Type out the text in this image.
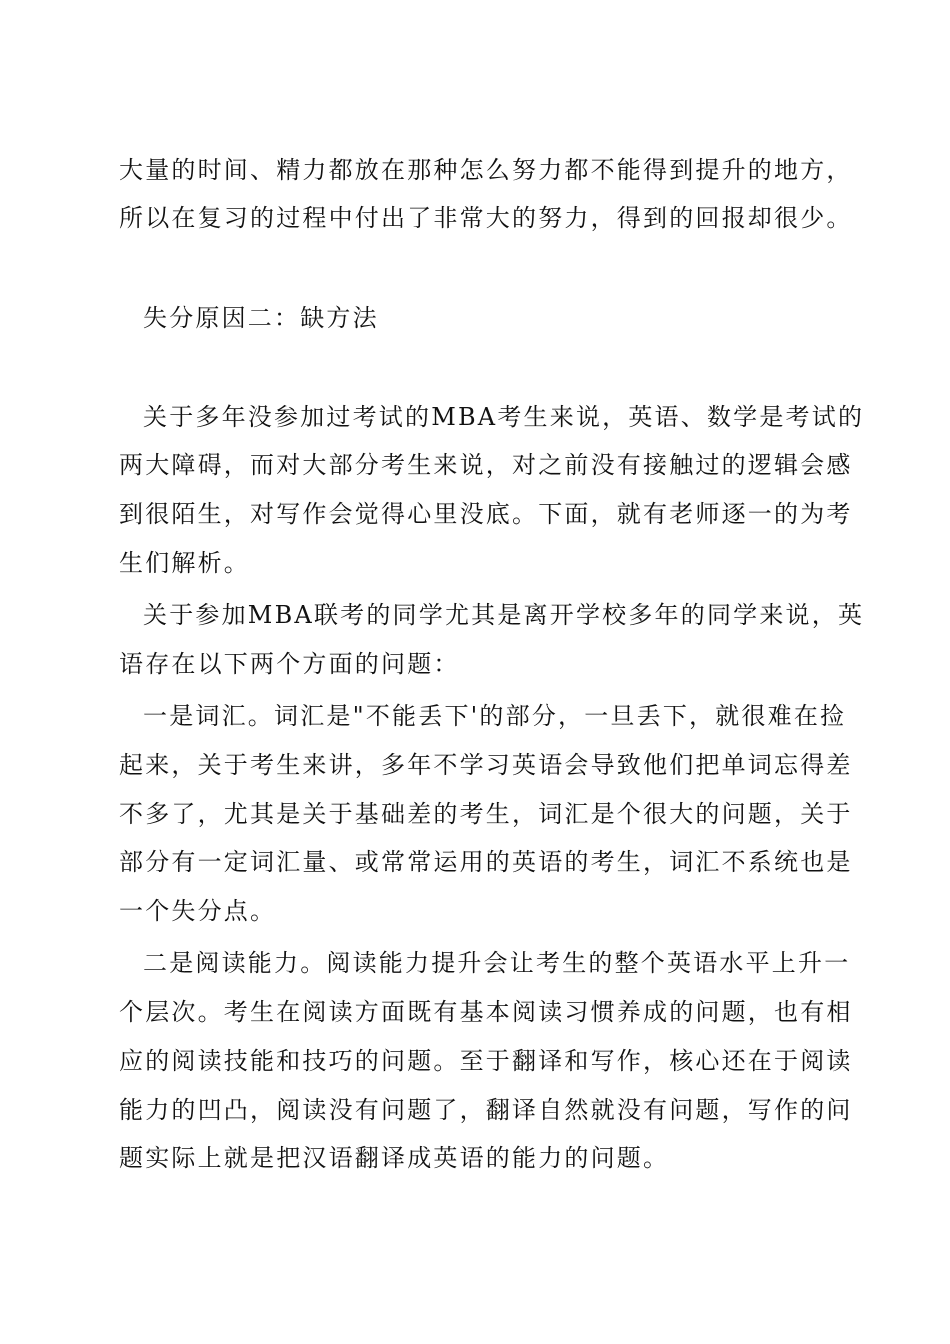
大量的时间、精力都放在那种怎么努力都不能得到提升的地方，
所以在复习的过程中付出了非常大的努力，得到的回报却很少。
失分原因二：缺方法
关于多年没参加过考试的MBA考生来说，英语、数学是考试的
两大障碍，而对大部分考生来说，对之前没有接触过的逻辑会感
到很陌生，对写作会觉得心里没底。下面，就有老师逐一的为考
生们解析。
关于参加MBA联考的同学尤其是离开学校多年的同学来说，英
语存在以下两个方面的问题：
一是词汇。词汇是"不能丢下'的部分，一旦丢下，就很难在捡
起来，关于考生来讲，多年不学习英语会导致他们把单词忘得差
不多了，尤其是关于基础差的考生，词汇是个很大的问题，关于
部分有一定词汇量、或常常运用的英语的考生，词汇不系统也是
一个失分点。
二是阅读能力。阅读能力提升会让考生的整个英语水平上升一
个层次。考生在阅读方面既有基本阅读习惯养成的问题，也有相
应的阅读技能和技巧的问题。至于翻译和写作，核心还在于阅读
能力的凹凸，阅读没有问题了，翻译自然就没有问题，写作的问
题实际上就是把汉语翻译成英语的能力的问题。
